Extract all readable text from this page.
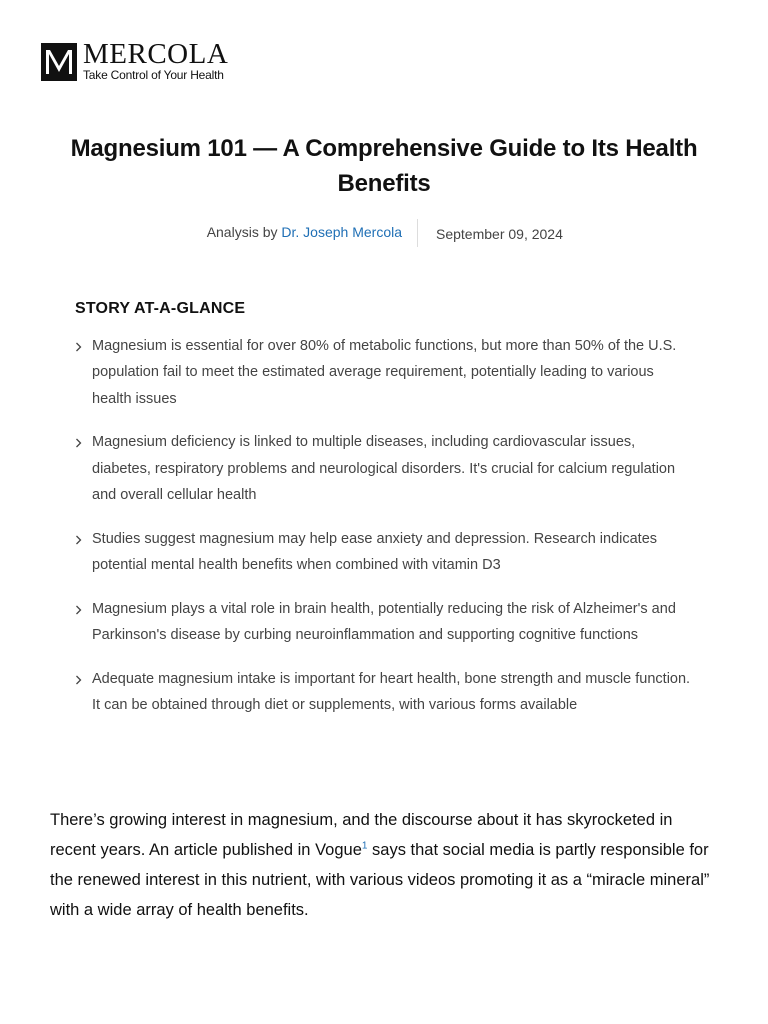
MERCOLA
Take Control of Your Health
Magnesium 101 — A Comprehensive Guide to Its Health Benefits
Analysis by Dr. Joseph Mercola September 09, 2024
STORY AT-A-GLANCE
Magnesium is essential for over 80% of metabolic functions, but more than 50% of the U.S. population fail to meet the estimated average requirement, potentially leading to various health issues
Magnesium deficiency is linked to multiple diseases, including cardiovascular issues, diabetes, respiratory problems and neurological disorders. It's crucial for calcium regulation and overall cellular health
Studies suggest magnesium may help ease anxiety and depression. Research indicates potential mental health benefits when combined with vitamin D3
Magnesium plays a vital role in brain health, potentially reducing the risk of Alzheimer's and Parkinson's disease by curbing neuroinflammation and supporting cognitive functions
Adequate magnesium intake is important for heart health, bone strength and muscle function. It can be obtained through diet or supplements, with various forms available

There’s growing interest in magnesium, and the discourse about it has skyrocketed in recent years. An article published in Vogue$^1$ says that social media is partly responsible for the renewed interest in this nutrient, with various videos promoting it as a “miracle mineral” with a wide array of health benefits.
